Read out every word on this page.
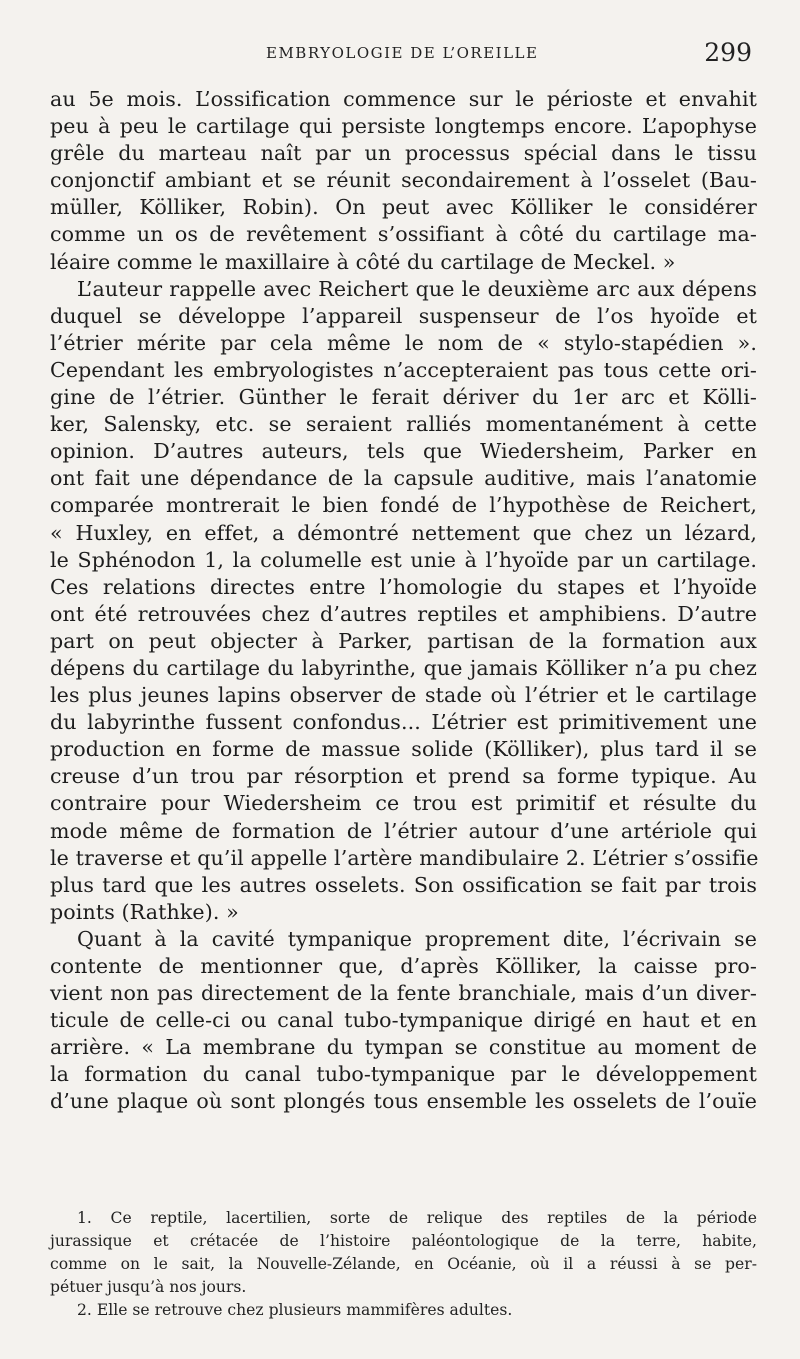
EMBRYOLOGIE DE L’OREILLE	299
au 5e mois. L’ossification commence sur le périoste et envahit
peu à peu le cartilage qui persiste longtemps encore. L’apophyse
grêle du marteau naît par un processus spécial dans le tissu
conjonctif ambiant et se réunit secondairement à l’osselet (Bau-
müller, Kölliker, Robin). On peut avec Kölliker le considérer
comme un os de revêtement s’ossifiant à côté du cartilage ma-
léaire comme le maxillaire à côté du cartilage de Meckel. »
L’auteur rappelle avec Reichert que le deuxième arc aux dépens
duquel se développe l’appareil suspenseur de l’os hyoïde et
l’étrier mérite par cela même le nom de « stylo-stapédien ».
Cependant les embryologistes n’accepteraient pas tous cette ori-
gine de l’étrier. Günther le ferait dériver du 1er arc et Kölli-
ker, Salensky, etc. se seraient ralliés momentanément à cette
opinion. D’autres auteurs, tels que Wiedersheim, Parker en
ont fait une dépendance de la capsule auditive, mais l’anatomie
comparée montrerait le bien fondé de l’hypothèse de Reichert,
« Huxley, en effet, a démontré nettement que chez un lézard,
le Sphénodon 1, la columelle est unie à l’hyoïde par un cartilage.
Ces relations directes entre l’homologie du stapes et l’hyoïde
ont été retrouvées chez d’autres reptiles et amphibiens. D’autre
part on peut objecter à Parker, partisan de la formation aux
dépens du cartilage du labyrinthe, que jamais Kölliker n’a pu chez
les plus jeunes lapins observer de stade où l’étrier et le cartilage
du labyrinthe fussent confondus... L’étrier est primitivement une
production en forme de massue solide (Kölliker), plus tard il se
creuse d’un trou par résorption et prend sa forme typique. Au
contraire pour Wiedersheim ce trou est primitif et résulte du
mode même de formation de l’étrier autour d’une artériole qui
le traverse et qu’il appelle l’artère mandibulaire 2. L’étrier s’ossifie
plus tard que les autres osselets. Son ossification se fait par trois
points (Rathke). »
Quant à la cavité tympanique proprement dite, l’écrivain se
contente de mentionner que, d’après Kölliker, la caisse pro-
vient non pas directement de la fente branchiale, mais d’un diver-
ticule de celle-ci ou canal tubo-tympanique dirigé en haut et en
arrière. « La membrane du tympan se constitue au moment de
la formation du canal tubo-tympanique par le développement
d’une plaque où sont plongés tous ensemble les osselets de l’ouïe
1. Ce reptile, lacertilien, sorte de relique des reptiles de la période
jurassique et crétacée de l’histoire paléontologique de la terre, habite,
comme on le sait, la Nouvelle-Zélande, en Océanie, où il a réussi à se per-
pétuer jusqu’à nos jours.
2. Elle se retrouve chez plusieurs mammifères adultes.
